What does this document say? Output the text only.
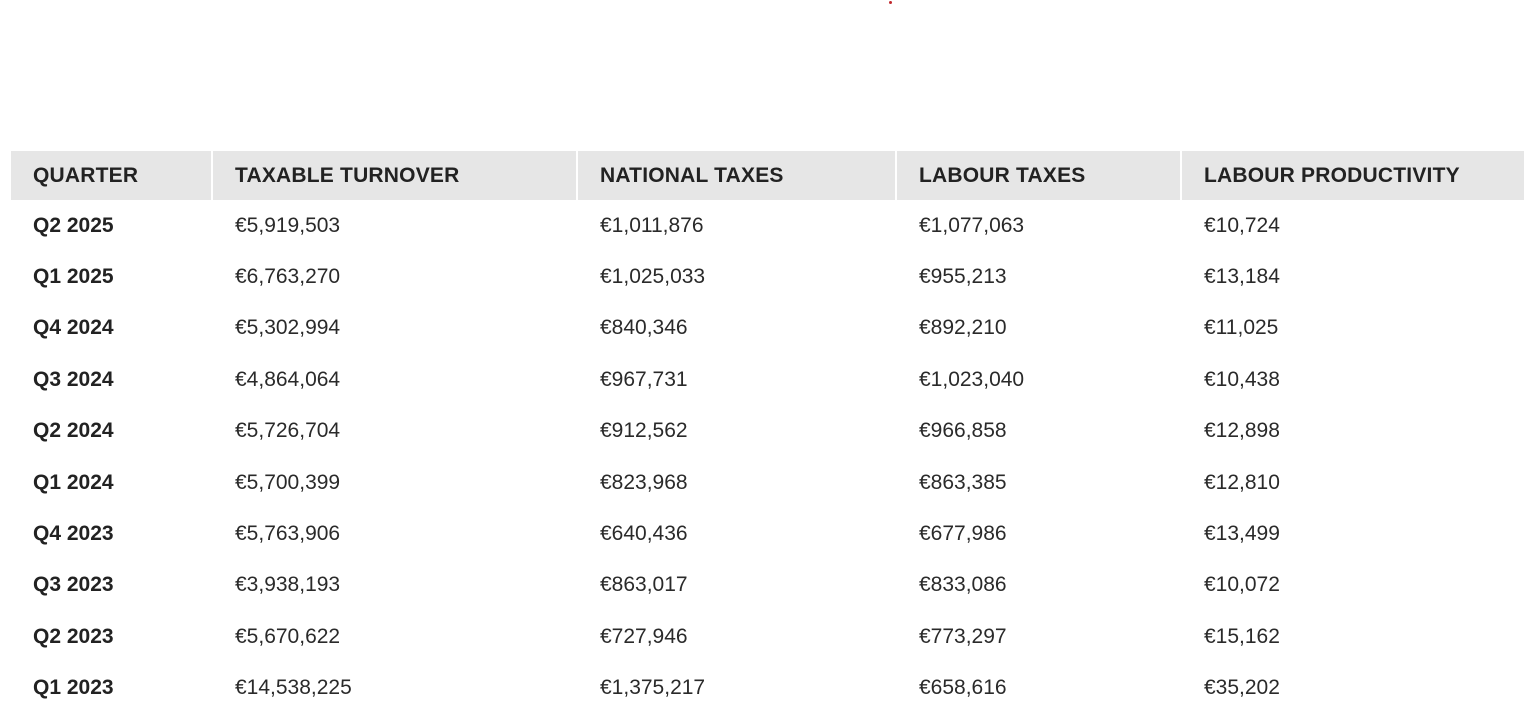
QUARTER	TAXABLE TURNOVER	NATIONAL TAXES	LABOUR TAXES	LABOUR PRODUCTIVITY
Q2 2025	€5,919,503	€1,011,876	€1,077,063	€10,724
Q1 2025	€6,763,270	€1,025,033	€955,213	€13,184
Q4 2024	€5,302,994	€840,346	€892,210	€11,025
Q3 2024	€4,864,064	€967,731	€1,023,040	€10,438
Q2 2024	€5,726,704	€912,562	€966,858	€12,898
Q1 2024	€5,700,399	€823,968	€863,385	€12,810
Q4 2023	€5,763,906	€640,436	€677,986	€13,499
Q3 2023	€3,938,193	€863,017	€833,086	€10,072
Q2 2023	€5,670,622	€727,946	€773,297	€15,162
Q1 2023	€14,538,225	€1,375,217	€658,616	€35,202
